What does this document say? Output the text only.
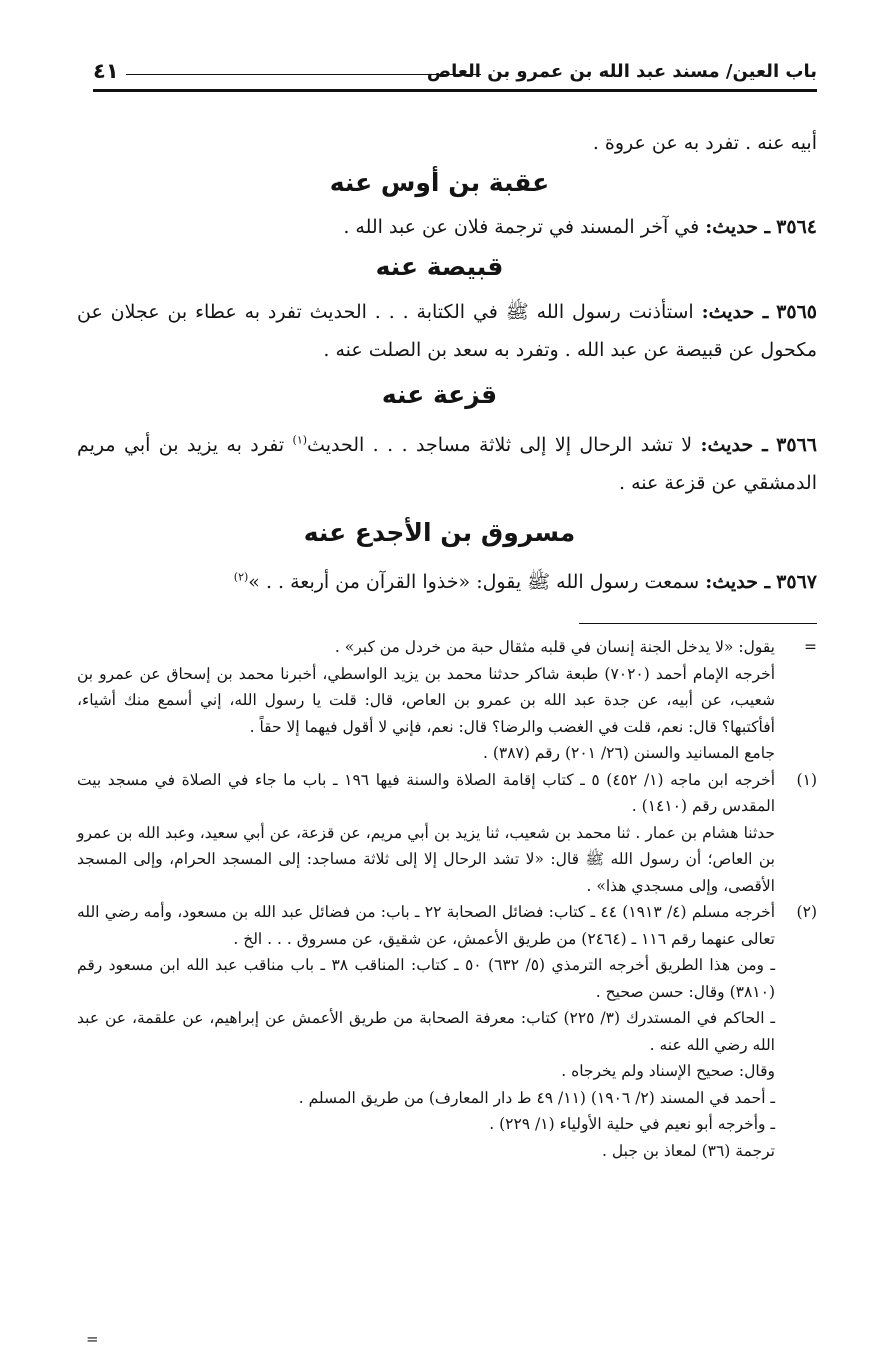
باب العين/ مسند عبد الله بن عمرو بن العاص
٤١
أبيه عنه . تفرد به عن عروة .
عقبة بن أوس عنه
٣٥٦٤ ـ حديث: في آخر المسند في ترجمة فلان عن عبد الله .
قبيصة عنه
٣٥٦٥ ـ حديث: استأذنت رسول الله ﷺ في الكتابة . . . الحديث تفرد به عطاء بن عجلان عن مكحول عن قبيصة عن عبد الله . وتفرد به سعد بن الصلت عنه .
قزعة عنه
٣٥٦٦ ـ حديث: لا تشد الرحال إلا إلى ثلاثة مساجد . . . الحديث$^{(١)}$ تفرد به يزيد بن أبي مريم الدمشقي عن قزعة عنه .
مسروق بن الأجدع عنه
٣٥٦٧ ـ حديث: سمعت رسول الله ﷺ يقول: «خذوا القرآن من أربعة . . »$^{(٢)}$
=
يقول: «لا يدخل الجنة إنسان في قلبه مثقال حبة من خردل من كبر» .
أخرجه الإمام أحمد (٧٠٢٠) طبعة شاكر حدثنا محمد بن يزيد الواسطي، أخبرنا محمد بن إسحاق عن عمرو بن شعيب، عن أبيه، عن جدة عبد الله بن عمرو بن العاص، قال: قلت يا رسول الله، إني أسمع منك أشياء، أفأكتبها؟ قال: نعم، قلت في الغضب والرضا؟ قال: نعم، فإني لا أقول فيهما إلا حقاً .
جامع المسانيد والسنن (٢٦/ ٢٠١) رقم (٣٨٧) .
(١)
أخرجه ابن ماجه (١/ ٤٥٢) ٥ ـ كتاب إقامة الصلاة والسنة فيها ١٩٦ ـ باب ما جاء في الصلاة في مسجد بيت المقدس رقم (١٤١٠) .
حدثنا هشام بن عمار . ثنا محمد بن شعيب، ثنا يزيد بن أبي مريم، عن قزعة، عن أبي سعيد، وعبد الله بن عمرو بن العاص؛ أن رسول الله ﷺ قال: «لا تشد الرحال إلا إلى ثلاثة مساجد: إلى المسجد الحرام، وإلى المسجد الأقصى، وإلى مسجدي هذا» .
(٢)
أخرجه مسلم (٤/ ١٩١٣) ٤٤ ـ كتاب: فضائل الصحابة ٢٢ ـ باب: من فضائل عبد الله بن مسعود، وأمه رضي الله تعالى عنهما رقم ١١٦ ـ (٢٤٦٤) من طريق الأعمش، عن شقيق، عن مسروق . . . الخ .
ـ ومن هذا الطريق أخرجه الترمذي (٥/ ٦٣٢) ٥٠ ـ كتاب: المناقب ٣٨ ـ باب مناقب عبد الله ابن مسعود رقم (٣٨١٠) وقال: حسن صحيح .
ـ الحاكم في المستدرك (٣/ ٢٢٥) كتاب: معرفة الصحابة من طريق الأعمش عن إبراهيم، عن علقمة، عن عبد الله رضي الله عنه .
وقال: صحيح الإسناد ولم يخرجاه .
ـ أحمد في المسند (٢/ ١٩٠٦) (١١/ ٤٩ ط دار المعارف) من طريق المسلم .
ـ وأخرجه أبو نعيم في حلية الأولياء (١/ ٢٢٩) .
ترجمة (٣٦) لمعاذ بن جبل .
=
